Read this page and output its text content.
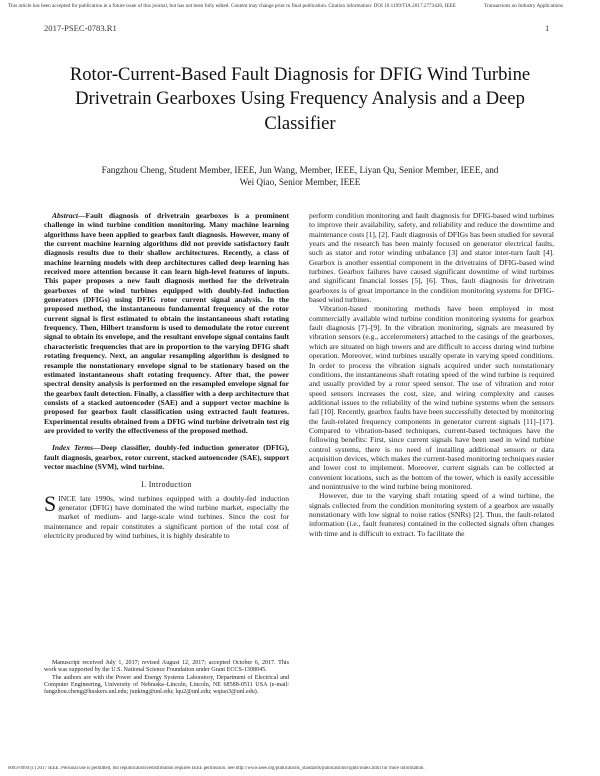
This article has been accepted for publication in a future issue of this journal, but has not been fully edited. Content may change prior to final publication. Citation information: DOI 10.1109/TIA.2017.2773426, IEEE	Transactions on Industry Applications
2017-PSEC-0783.R1	1
Rotor-Current-Based Fault Diagnosis for DFIG Wind Turbine Drivetrain Gearboxes Using Frequency Analysis and a Deep Classifier
Fangzhou Cheng, Student Member, IEEE, Jun Wang, Member, IEEE, Liyan Qu, Senior Member, IEEE, and
Wei Qiao, Senior Member, IEEE

Abstract—Fault diagnosis of drivetrain gearboxes is a prominent challenge in wind turbine condition monitoring. Many machine learning algorithms have been applied to gearbox fault diagnosis. However, many of the current machine learning algorithms did not provide satisfactory fault diagnosis results due to their shallow architectures. Recently, a class of machine learning models with deep architectures called deep learning has received more attention because it can learn high-level features of inputs. This paper proposes a new fault diagnosis method for the drivetrain gearboxes of the wind turbines equipped with doubly-fed induction generators (DFIGs) using DFIG rotor current signal analysis. In the proposed method, the instantaneous fundamental frequency of the rotor current signal is first estimated to obtain the instantaneous shaft rotating frequency. Then, Hilbert transform is used to demodulate the rotor current signal to obtain its envelope, and the resultant envelope signal contains fault characteristic frequencies that are in proportion to the varying DFIG shaft rotating frequency. Next, an angular resampling algorithm is designed to resample the nonstationary envelope signal to be stationary based on the estimated instantaneous shaft rotating frequency. After that, the power spectral density analysis is performed on the resampled envelope signal for the gearbox fault detection. Finally, a classifier with a deep architecture that consists of a stacked autoencoder (SAE) and a support vector machine is proposed for gearbox fault classification using extracted fault features. Experimental results obtained from a DFIG wind turbine drivetrain test rig are provided to verify the effectiveness of the proposed method.

Index Terms—Deep classifier, doubly-fed induction generator (DFIG), fault diagnosis, gearbox, rotor current, stacked autoencoder (SAE), support vector machine (SVM), wind turbine.

I. Introduction

SINCE late 1990s, wind turbines equipped with a doubly-fed induction generator (DFIG) have dominated the wind turbine market, especially the market of medium- and large-scale wind turbines. Since the cost for maintenance and repair constitutes a significant portion of the total cost of electricity produced by wind turbines, it is highly desirable to

Manuscript received July 1, 2017; revised August 12, 2017; accepted October 6, 2017. This work was supported by the U.S. National Science Foundation under Grant ECCS-1308045.

The authors are with the Power and Energy Systems Laboratory, Department of Electrical and Computer Engineering, University of Nebraska–Lincoln, Lincoln, NE 68588-0511 USA (e-mail: fangzhou.cheng@huskers.unl.edu; junking@unl.edu; lqu2@unl.edu; wqiao3@unl.edu).

perform condition monitoring and fault diagnosis for DFIG-based wind turbines to improve their availability, safety, and reliability and reduce the downtime and maintenance costs [1], [2]. Fault diagnosis of DFIGs has been studied for several years and the research has been mainly focused on generator electrical faults, such as stator and rotor winding unbalance [3] and stator inter-turn fault [4]. Gearbox is another essential component in the drivetrains of DFIG-based wind turbines. Gearbox failures have caused significant downtime of wind turbines and significant financial losses [5], [6]. Thus, fault diagnosis for drivetrain gearboxes is of great importance in the condition monitoring systems for DFIG-based wind turbines.

Vibration-based monitoring methods have been employed in most commercially available wind turbine condition monitoring systems for gearbox fault diagnosis [7]–[9]. In the vibration monitoring, signals are measured by vibration sensors (e.g., accelerometers) attached to the casings of the gearboxes, which are situated on high towers and are difficult to access during wind turbine operation. Moreover, wind turbines usually operate in varying speed conditions. In order to process the vibration signals acquired under such nonstationary conditions, the instantaneous shaft rotating speed of the wind turbine is required and usually provided by a rotor speed sensor. The use of vibration and rotor speed sensors increases the cost, size, and wiring complexity and causes additional issues to the reliability of the wind turbine systems when the sensors fail [10]. Recently, gearbox faults have been successfully detected by monitoring the fault-related frequency components in generator current signals [11]–[17]. Compared to vibration-based techniques, current-based techniques have the following benefits: First, since current signals have been used in wind turbine control systems, there is no need of installing additional sensors or data acquisition devices, which makes the current-based monitoring techniques easier and lower cost to implement. Moreover, current signals can be collected at convenient locations, such as the bottom of the tower, which is easily accessible and nonintrusive to the wind turbine being monitored.

However, due to the varying shaft rotating speed of a wind turbine, the signals collected from the condition monitoring system of a gearbox are usually nonstationary with low signal to noise ratios (SNRs) [2]. Thus, the fault-related information (i.e., fault features) contained in the collected signals often changes with time and is difficult to extract. To facilitate the

0093-9994 (c) 2017 IEEE. Personal use is permitted, but republication/redistribution requires IEEE permission. See http://www.ieee.org/publications_standards/publications/rights/index.html for more information.
